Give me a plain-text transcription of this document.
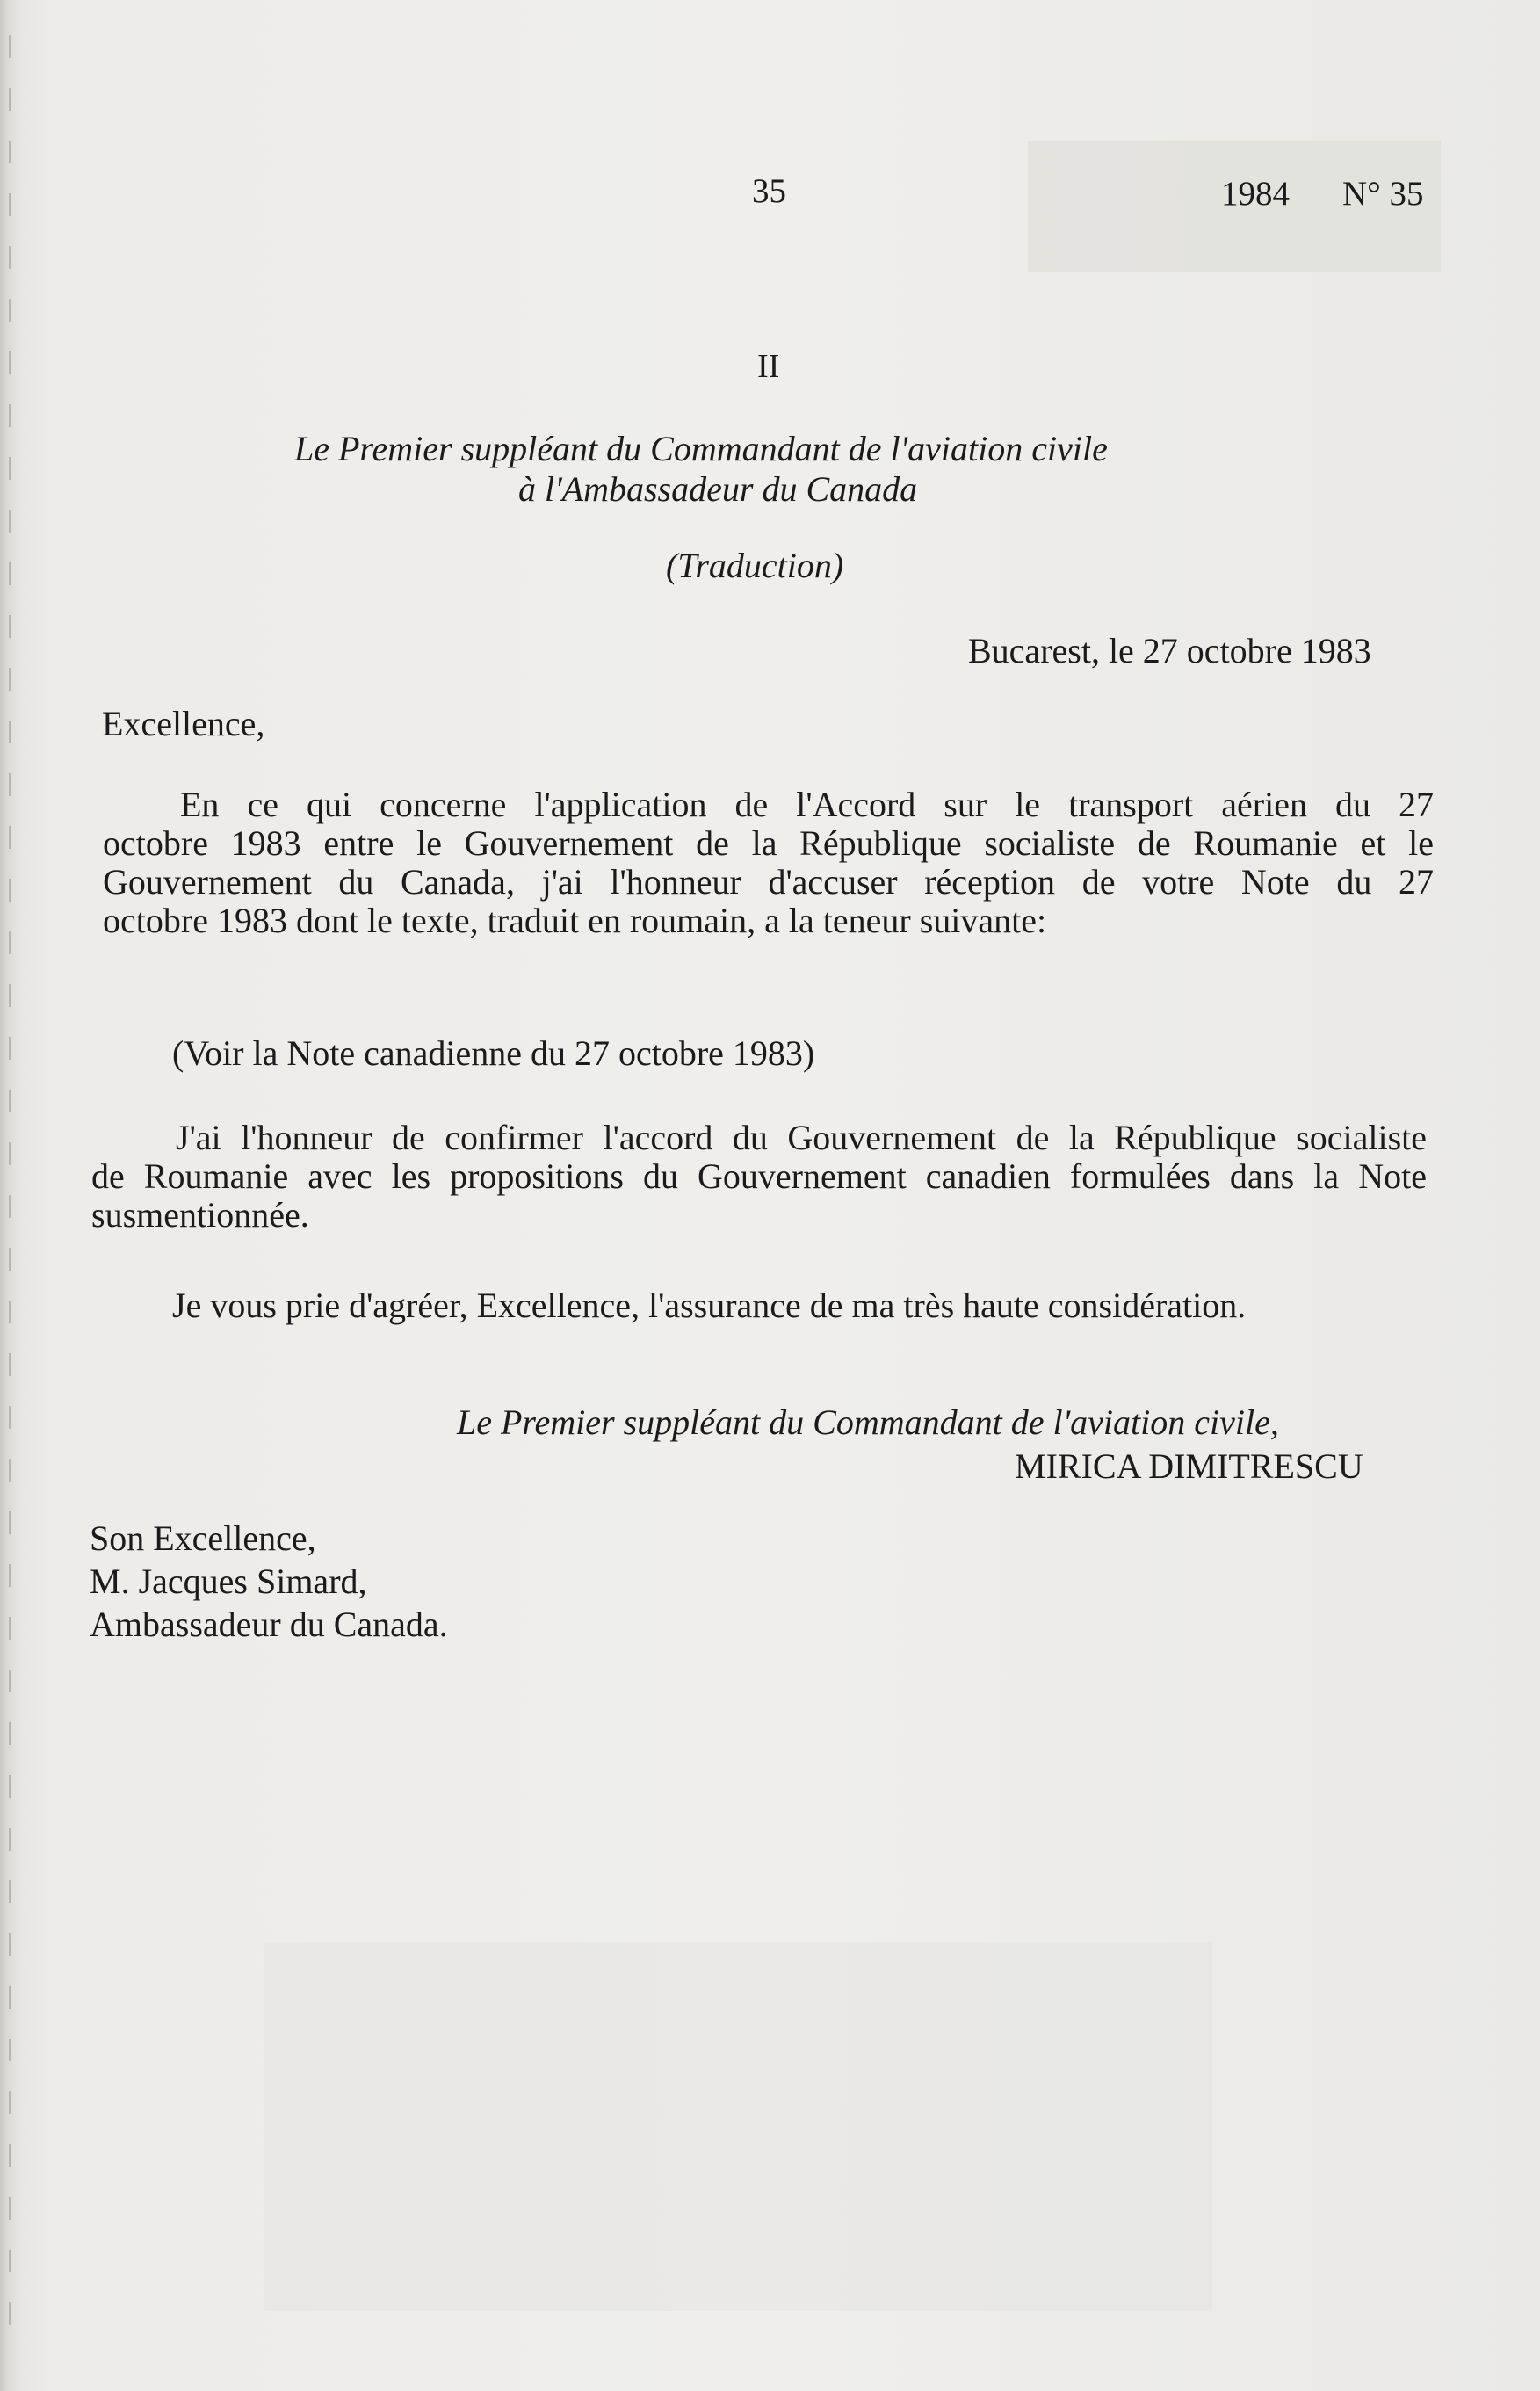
35	1984 N° 35

II

Le Premier suppléant du Commandant de l'aviation civile

à l'Ambassadeur du Canada

(Traduction)

Bucarest, le 27 octobre 1983

Excellence,

En ce qui concerne l'application de l'Accord sur le transport aérien du 27
octobre 1983 entre le Gouvernement de la République socialiste de Roumanie et le
Gouvernement du Canada, j'ai l'honneur d'accuser réception de votre Note du 27
octobre 1983 dont le texte, traduit en roumain, a la teneur suivante:

(Voir la Note canadienne du 27 octobre 1983)

J'ai l'honneur de confirmer l'accord du Gouvernement de la République socialiste
de Roumanie avec les propositions du Gouvernement canadien formulées dans la Note
susmentionnée.

Je vous prie d'agréer, Excellence, l'assurance de ma très haute considération.

Le Premier suppléant du Commandant de l'aviation civile,

MIRICA DIMITRESCU

Son Excellence,

M. Jacques Simard,

Ambassadeur du Canada.
